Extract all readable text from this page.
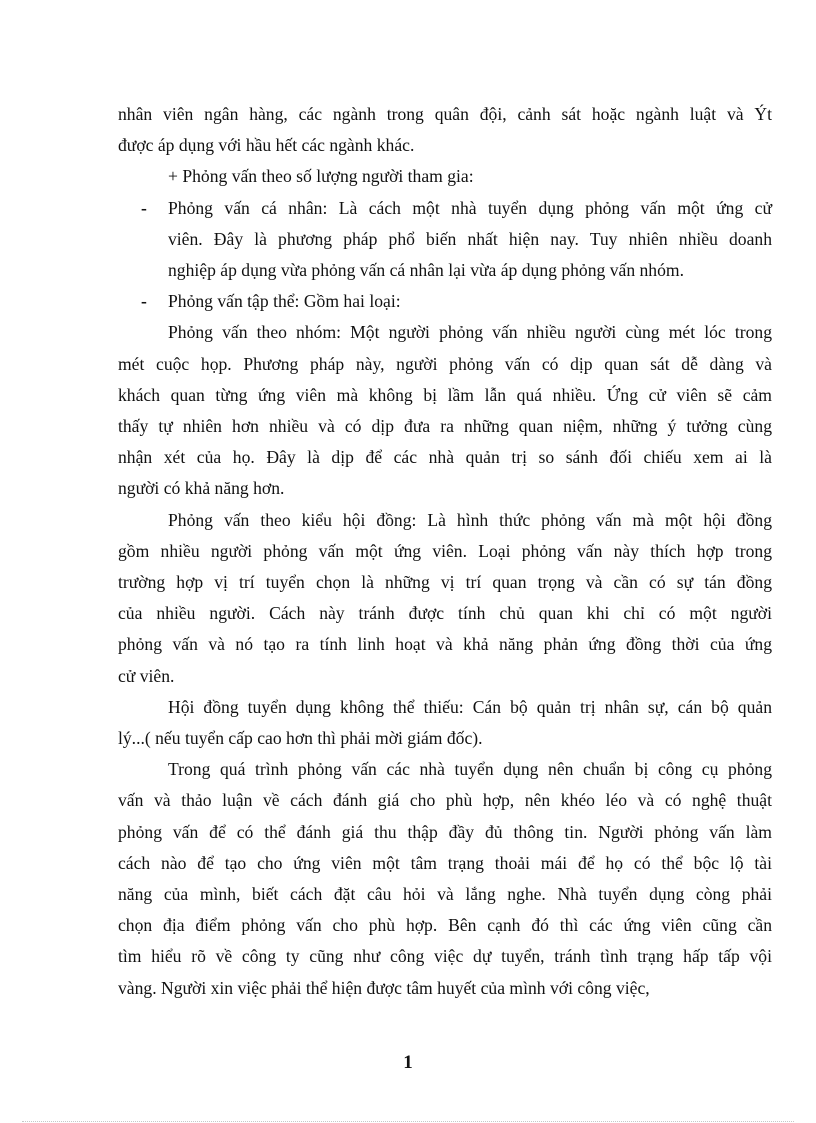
nhân viên ngân hàng, các ngành trong quân đội, cảnh sát hoặc ngành luật và Ýt
được áp dụng với hầu hết các ngành khác.
+ Phỏng vấn theo số lượng người tham gia:
- Phỏng vấn cá nhân: Là cách một nhà tuyển dụng phỏng vấn một ứng cử
viên. Đây là phương pháp phổ biến nhất hiện nay. Tuy nhiên nhiều doanh
nghiệp áp dụng vừa phỏng vấn cá nhân lại vừa áp dụng phỏng vấn nhóm.
- Phỏng vấn tập thể: Gồm hai loại:
Phỏng vấn theo nhóm: Một người phỏng vấn nhiều người cùng mét lóc trong
mét cuộc họp. Phương pháp này, người phỏng vấn có dịp quan sát dễ dàng và
khách quan từng ứng viên mà không bị lầm lẫn quá nhiều. Ứng cử viên sẽ cảm
thấy tự nhiên hơn nhiều và có dịp đưa ra những quan niệm, những ý tưởng cùng
nhận xét của họ. Đây là dịp để các nhà quản trị so sánh đối chiếu xem ai là
người có khả năng hơn.
Phỏng vấn theo kiểu hội đồng: Là hình thức phỏng vấn mà một hội đồng
gồm nhiều người phỏng vấn một ứng viên. Loại phỏng vấn này thích hợp trong
trường hợp vị trí tuyển chọn là những vị trí quan trọng và cần có sự tán đồng
của nhiều người. Cách này tránh được tính chủ quan khi chỉ có một người
phỏng vấn và nó tạo ra tính linh hoạt và khả năng phản ứng đồng thời của ứng
cử viên.
Hội đồng tuyển dụng không thể thiếu: Cán bộ quản trị nhân sự, cán bộ quản
lý...( nếu tuyển cấp cao hơn thì phải mời giám đốc).
Trong quá trình phỏng vấn các nhà tuyển dụng nên chuẩn bị công cụ phỏng
vấn và thảo luận về cách đánh giá cho phù hợp, nên khéo léo và có nghệ thuật
phỏng vấn để có thể đánh giá thu thập đầy đủ thông tin. Người phỏng vấn làm
cách nào để tạo cho ứng viên một tâm trạng thoải mái để họ có thể bộc lộ tài
năng của mình, biết cách đặt câu hỏi và lắng nghe. Nhà tuyển dụng còng phải
chọn địa điểm phỏng vấn cho phù hợp. Bên cạnh đó thì các ứng viên cũng cần
tìm hiểu rõ về công ty cũng như công việc dự tuyển, tránh tình trạng hấp tấp vội
vàng. Người xin việc phải thể hiện được tâm huyết của mình với công việc,
1
